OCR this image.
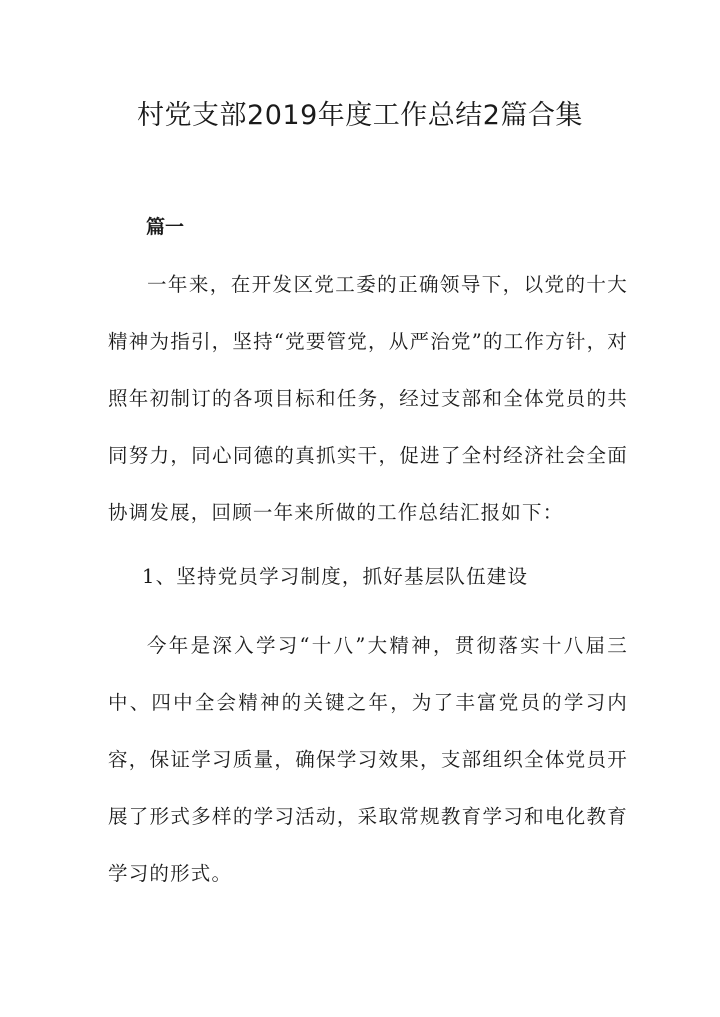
村党支部2019年度工作总结2篇合集
篇一

一年来，在开发区党工委的正确领导下，以党的十大精神为指引，坚持“党要管党，从严治党”的工作方针，对照年初制订的各项目标和任务，经过支部和全体党员的共同努力，同心同德的真抓实干，促进了全村经济社会全面协调发展，回顾一年来所做的工作总结汇报如下：

1、坚持党员学习制度，抓好基层队伍建设

今年是深入学习“十八”大精神，贯彻落实十八届三中、四中全会精神的关键之年，为了丰富党员的学习内容，保证学习质量，确保学习效果，支部组织全体党员开展了形式多样的学习活动，采取常规教育学习和电化教育学习的形式。
